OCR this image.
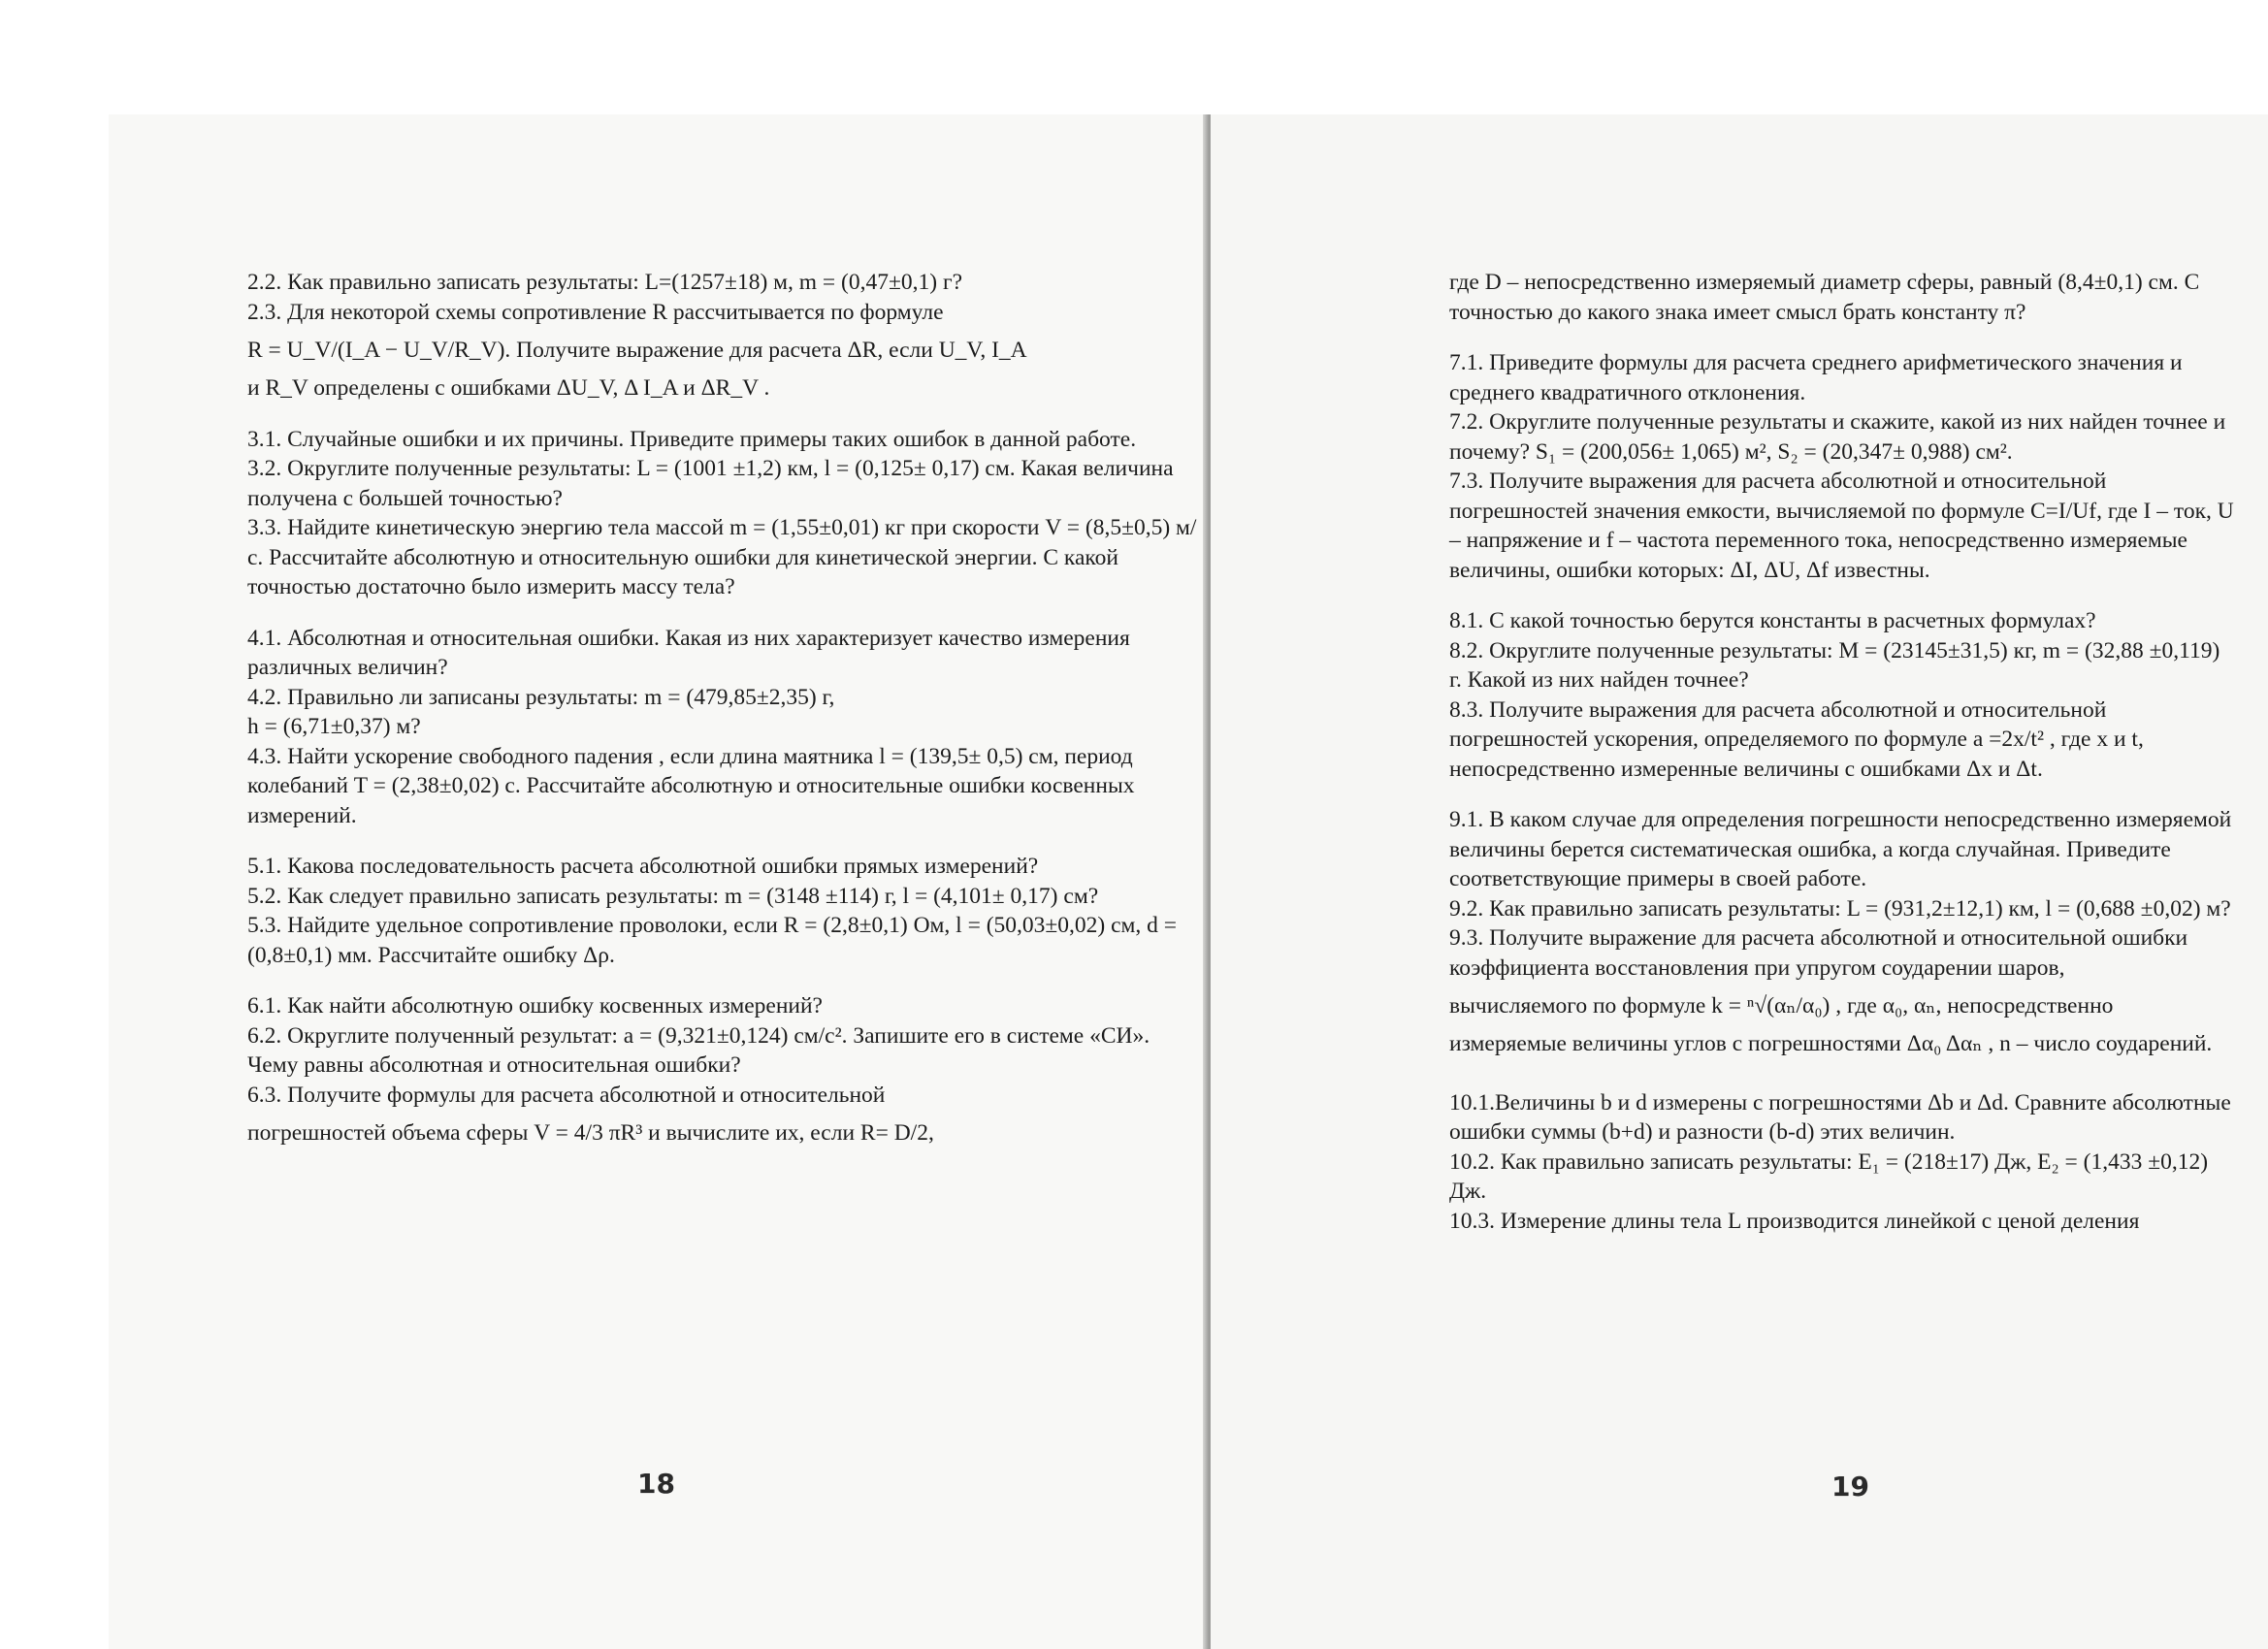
2.2. Как правильно записать результаты: L=(1257±18) м, m = (0,47±0,1) г?

2.3. Для некоторой схемы сопротивление R рассчитывается по формуле

R = U_V/(I_A − U_V/R_V). Получите выражение для расчета ΔR, если U_V, I_A

и R_V определены с ошибками ΔU_V, Δ I_A и ΔR_V .

3.1. Случайные ошибки и их причины. Приведите примеры таких ошибок в данной работе.

3.2. Округлите полученные результаты: L = (1001 ±1,2) км, l = (0,125± 0,17) см. Какая величина получена с большей точностью?

3.3. Найдите кинетическую энергию тела массой m = (1,55±0,01) кг при скорости V = (8,5±0,5) м/с. Рассчитайте абсолютную и относительную ошибки для кинетической энергии. С какой точностью достаточно было измерить массу тела?

4.1. Абсолютная и относительная ошибки. Какая из них характеризует качество измерения различных величин?

4.2. Правильно ли записаны результаты: m = (479,85±2,35) г,

h = (6,71±0,37) м?

4.3. Найти ускорение свободного падения , если длина маятника l = (139,5± 0,5) см, период колебаний T = (2,38±0,02) с. Рассчитайте абсолютную и относительные ошибки косвенных измерений.

5.1. Какова последовательность расчета абсолютной ошибки прямых измерений?

5.2. Как следует правильно записать результаты: m = (3148 ±114) г, l = (4,101± 0,17) см?

5.3. Найдите удельное сопротивление проволоки, если R = (2,8±0,1) Ом, l = (50,03±0,02) см, d = (0,8±0,1) мм. Рассчитайте ошибку Δρ.

6.1. Как найти абсолютную ошибку косвенных измерений?

6.2. Округлите полученный результат: a = (9,321±0,124) см/с². Запишите его в системе «СИ». Чему равны абсолютная и относительная ошибки?

6.3. Получите формулы для расчета абсолютной и относительной

погрешностей объема сферы V = 4/3 πR³ и вычислите их, если R= D/2,

18

где D – непосредственно измеряемый диаметр сферы, равный (8,4±0,1) см. С точностью до какого знака имеет смысл брать константу π?

7.1. Приведите формулы для расчета среднего арифметического значения и среднего квадратичного отклонения.

7.2. Округлите полученные результаты и скажите, какой из них найден точнее и почему? S₁ = (200,056± 1,065) м², S₂ = (20,347± 0,988) см².

7.3. Получите выражения для расчета абсолютной и относительной погрешностей значения емкости, вычисляемой по формуле C=I/Uf, где I – ток, U – напряжение и f – частота переменного тока, непосредственно измеряемые величины, ошибки которых: ΔI, ΔU, Δf известны.

8.1. С какой точностью берутся константы в расчетных формулах?

8.2. Округлите полученные результаты: M = (23145±31,5) кг, m = (32,88 ±0,119) г. Какой из них найден точнее?

8.3. Получите выражения для расчета абсолютной и относительной погрешностей ускорения, определяемого по формуле a =2x/t² , где x и t, непосредственно измеренные величины с ошибками Δx и Δt.

9.1. В каком случае для определения погрешности непосредственно измеряемой величины берется систематическая ошибка, а когда случайная. Приведите соответствующие примеры в своей работе.

9.2. Как правильно записать результаты: L = (931,2±12,1) км, l = (0,688 ±0,02) м?

9.3. Получите выражение для расчета абсолютной и относительной ошибки коэффициента восстановления при упругом соударении шаров,

вычисляемого по формуле k = ⁿ√(αₙ/α₀) , где α₀, αₙ, непосредственно

измеряемые величины углов с погрешностями Δα₀ Δαₙ , n – число соударений.

10.1.Величины b и d измерены с погрешностями Δb и Δd. Сравните абсолютные ошибки суммы (b+d) и разности (b-d) этих величин.

10.2. Как правильно записать результаты: E₁ = (218±17) Дж, E₂ = (1,433 ±0,12) Дж.

10.3. Измерение длины тела L производится линейкой с ценой деления

19
